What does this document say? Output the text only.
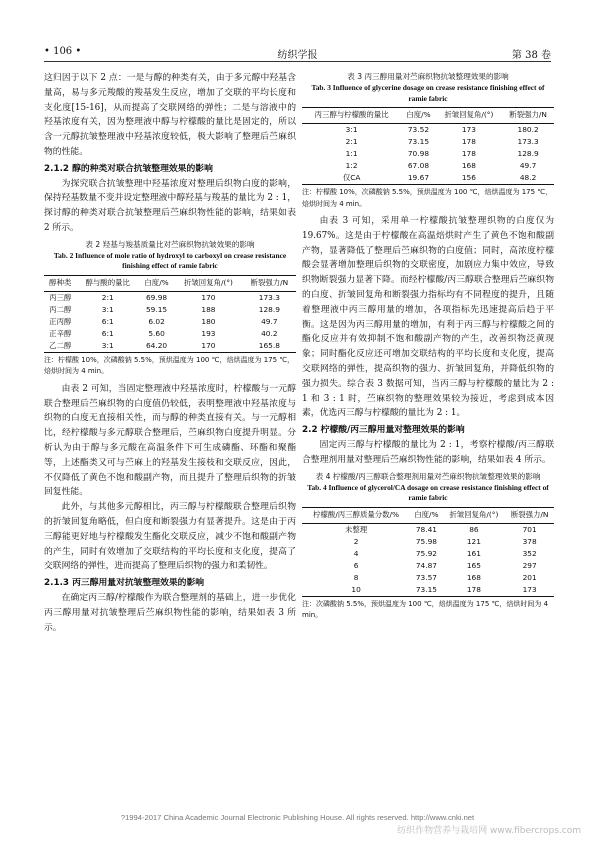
• 106 •	纺织学报	第 38 卷

这归因于以下 2 点：一是与醇的种类有关，由于多元醇中羟基含量高，易与多元羧酸的羧基发生反应，增加了交联的平均长度和支化度[15-16]，从而提高了交联网络的弹性；二是与溶液中的羟基浓度有关，因为整理液中醇与柠檬酸的量比是固定的，所以含一元醇抗皱整理液中羟基浓度较低，极大影响了整理后苎麻织物的性能。

2.1.2 醇的种类对联合抗皱整理效果的影响

为探究联合抗皱整理中羟基浓度对整理后织物白度的影响，保持羟基数量不变并设定整理液中醇羟基与羧基的量比为 2 : 1，探讨醇的种类对联合抗皱整理后苎麻织物性能的影响，结果如表 2 所示。

表 2 羟基与羧基质量比对苎麻织物抗皱效果的影响
Tab. 2 Influence of mole ratio of hydroxyl to carboxyl on crease resistance finishing effect of ramie fabric
醇种类	醇与酸的量比	白度/%	折皱回复角/(°)	断裂强力/N
丙三醇	2:1	69.98	170	173.3
丙二醇	3:1	59.15	188	128.9
正丙醇	6:1	6.02	180	49.7
正辛醇	6:1	5.60	193	40.2
乙二醇	3:1	64.20	170	165.8
注：柠檬酸 10%，次磷酸钠 5.5%，预烘温度为 100 ℃，焙烘温度为 175 ℃，焙烘时间为 4 min。

由表 2 可知，当固定整理液中羟基浓度时，柠檬酸与一元醇联合整理后苎麻织物的白度值仍较低，表明整理液中羟基浓度与织物的白度无直接相关性，而与醇的种类直接有关。与一元醇相比，经柠檬酸与多元醇联合整理后，苎麻织物白度提升明显。分析认为由于醇与多元酸在高温条件下可生成磷酯、环酯和聚酯等，上述酯类又可与苎麻上的羟基发生接枝和交联反应，因此，不仅降低了黄色不饱和酸副产物，而且提升了整理后织物的折皱回复性能。

此外，与其他多元醇相比，丙三醇与柠檬酸联合整理后织物的折皱回复角略低，但白度和断裂强力有显著提升。这是由于丙三醇能更好地与柠檬酸发生酯化交联反应，减少不饱和酸副产物的产生，同时有效增加了交联结构的平均长度和支化度，提高了交联网络的弹性，进而提高了整理后织物的强力和柔韧性。

2.1.3 丙三醇用量对抗皱整理效果的影响

在确定丙三醇/柠檬酸作为联合整理剂的基础上，进一步优化丙三醇用量对抗皱整理后苎麻织物性能的影响，结果如表 3 所示。

表 3 丙三醇用量对苎麻织物抗皱整理效果的影响
Tab. 3 Influence of glycerine dosage on crease resistance finishing effect of ramie fabric
丙三醇与柠檬酸的量比	白度/%	折皱回复角/(°)	断裂强力/N
3:1	73.52	173	180.2
2:1	73.15	178	173.3
1:1	70.98	178	128.9
1:2	67.08	168	49.7
仅CA	19.67	156	48.2
注：柠檬酸 10%，次磷酸钠 5.5%，预烘温度为 100 ℃，焙烘温度为 175 ℃，焙烘时间为 4 min。

由表 3 可知，采用单一柠檬酸抗皱整理织物的白度仅为 19.67%。这是由于柠檬酸在高温焙烘时产生了黄色不饱和酸副产物，显著降低了整理后苎麻织物的白度值；同时，高浓度柠檬酸会显著增加整理后织物的交联密度，加剧应力集中效应，导致织物断裂强力显著下降。而经柠檬酸/丙三醇联合整理后苎麻织物的白度、折皱回复角和断裂强力指标均有不同程度的提升，且随着整理液中丙三醇用量的增加，各项指标先迅速提高后趋于平衡。这是因为丙三醇用量的增加，有利于丙三醇与柠檬酸之间的酯化反应并有效抑制不饱和酸副产物的产生，改善织物泛黄现象；同时酯化反应还可增加交联结构的平均长度和支化度，提高交联网络的弹性，提高织物的强力、折皱回复角，并降低织物的强力损失。综合表 3 数据可知，当丙三醇与柠檬酸的量比为 2 : 1 和 3 : 1 时，苎麻织物的整理效果较为接近，考虑到成本因素，优选丙三醇与柠檬酸的量比为 2 : 1。

2.2 柠檬酸/丙三醇用量对整理效果的影响

固定丙三醇与柠檬酸的量比为 2 : 1，考察柠檬酸/丙三醇联合整理剂用量对整理后苎麻织物性能的影响，结果如表 4 所示。

表 4 柠檬酸/丙三醇联合整理剂用量对苎麻织物抗皱整理效果的影响
Tab. 4 Influence of glycerol/CA dosage on crease resistance finishing effect of ramie fabric
柠檬酸/丙三醇质量分数/%	白度/%	折皱回复角/(°)	断裂强力/N
未整理	78.41	86	701
2	75.98	121	378
4	75.92	161	352
6	74.87	165	297
8	73.57	168	201
10	73.15	178	173
注：次磷酸钠 5.5%，预烘温度为 100 ℃，焙烘温度为 175 ℃，焙烘时间为 4 min。
?1994-2017 China Academic Journal Electronic Publishing House. All rights reserved. http://www.cnki.net
纺织作物营养与栽培网 www.fibercrops.com
